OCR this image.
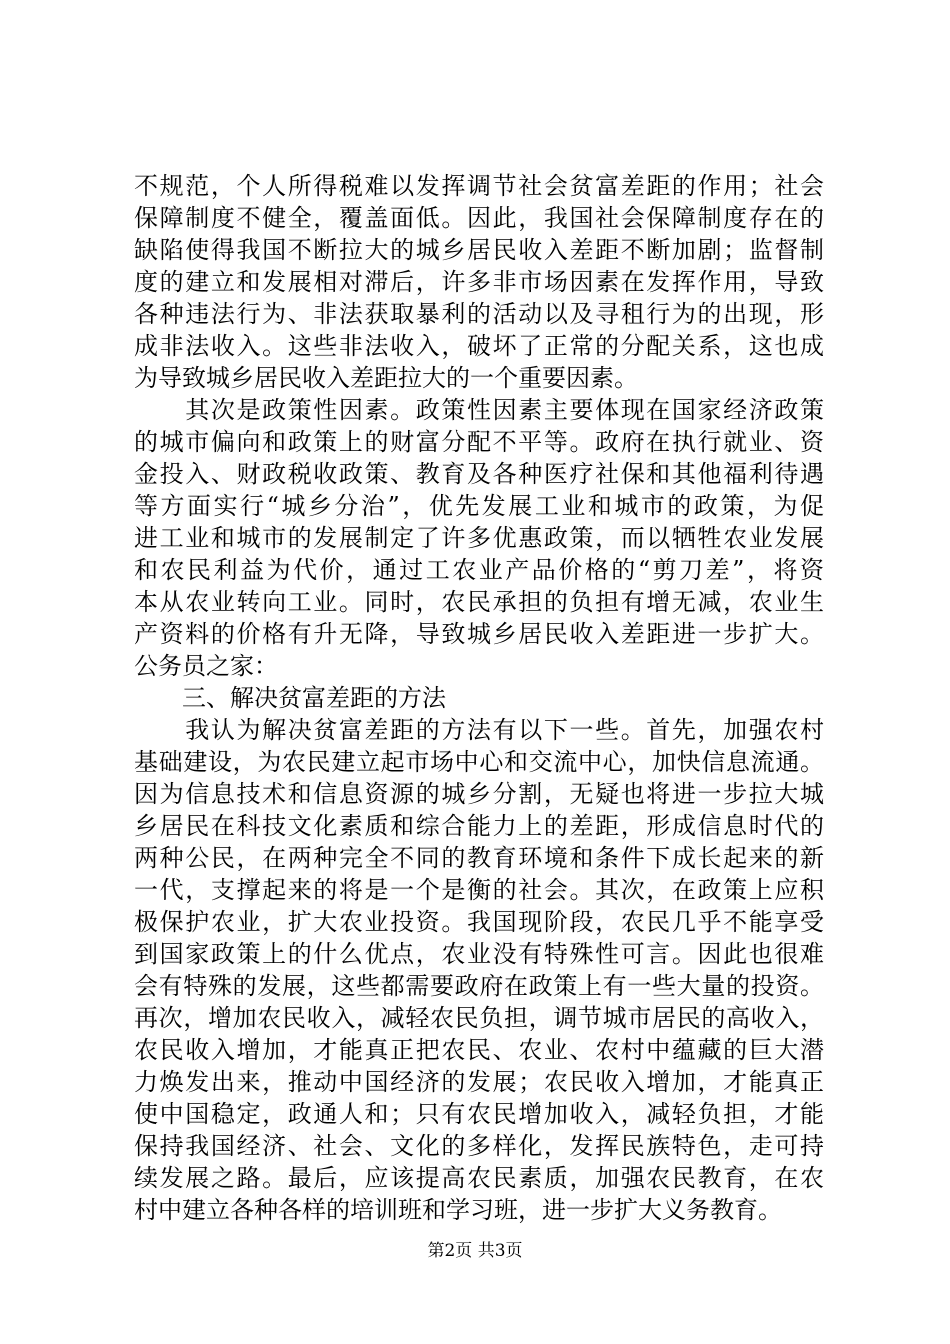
不规范，个人所得税难以发挥调节社会贫富差距的作用；社会
保障制度不健全，覆盖面低。因此，我国社会保障制度存在的
缺陷使得我国不断拉大的城乡居民收入差距不断加剧；监督制
度的建立和发展相对滞后，许多非市场因素在发挥作用，导致
各种违法行为、非法获取暴利的活动以及寻租行为的出现，形
成非法收入。这些非法收入，破坏了正常的分配关系，这也成
为导致城乡居民收入差距拉大的一个重要因素。
　　其次是政策性因素。政策性因素主要体现在国家经济政策
的城市偏向和政策上的财富分配不平等。政府在执行就业、资
金投入、财政税收政策、教育及各种医疗社保和其他福利待遇
等方面实行“城乡分治”，优先发展工业和城市的政策，为促
进工业和城市的发展制定了许多优惠政策，而以牺牲农业发展
和农民利益为代价，通过工农业产品价格的“剪刀差”，将资
本从农业转向工业。同时，农民承担的负担有增无减，农业生
产资料的价格有升无降，导致城乡居民收入差距进一步扩大。
公务员之家：
　　三、解决贫富差距的方法
　　我认为解决贫富差距的方法有以下一些。首先，加强农村
基础建设，为农民建立起市场中心和交流中心，加快信息流通。
因为信息技术和信息资源的城乡分割，无疑也将进一步拉大城
乡居民在科技文化素质和综合能力上的差距，形成信息时代的
两种公民，在两种完全不同的教育环境和条件下成长起来的新
一代，支撑起来的将是一个是衡的社会。其次，在政策上应积
极保护农业，扩大农业投资。我国现阶段，农民几乎不能享受
到国家政策上的什么优点，农业没有特殊性可言。因此也很难
会有特殊的发展，这些都需要政府在政策上有一些大量的投资。
再次，增加农民收入，减轻农民负担，调节城市居民的高收入，
农民收入增加，才能真正把农民、农业、农村中蕴藏的巨大潜
力焕发出来，推动中国经济的发展；农民收入增加，才能真正
使中国稳定，政通人和；只有农民增加收入，减轻负担，才能
保持我国经济、社会、文化的多样化，发挥民族特色，走可持
续发展之路。最后，应该提高农民素质，加强农民教育，在农
村中建立各种各样的培训班和学习班，进一步扩大义务教育。
第2页 共3页
